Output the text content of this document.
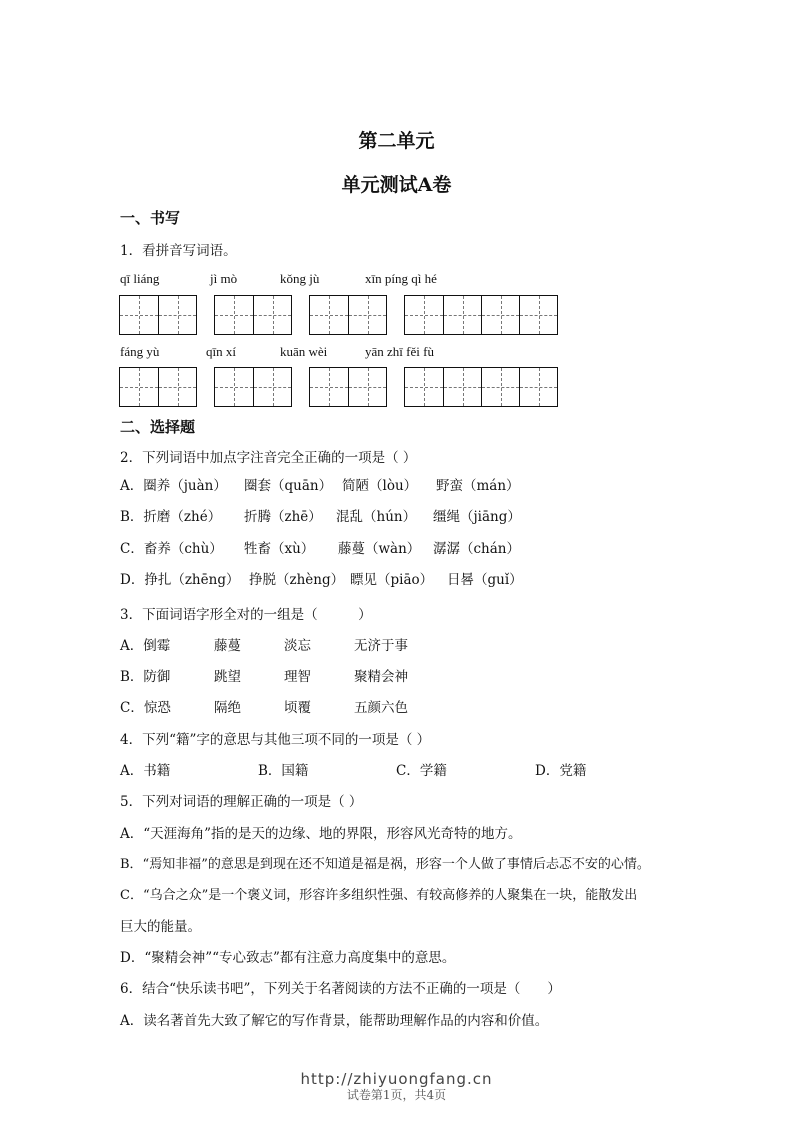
第二单元
单元测试A卷
一、书写
1．看拼音写词语。
qī liáng	jì mò	kǒng jù	xīn píng qì hé
fáng yù	qīn xí	kuān wèi	yān zhī fěi fù
二、选择题
2．下列词语中加点字注音完全正确的一项是（ ）
A．圈养（juàn） 圈套（quān） 简陋（lòu） 野蛮（mán）
B．折磨（zhé） 折腾（zhē） 混乱（hún） 缰绳（jiāng）
C．畜养（chù） 牲畜（xù） 藤蔓（wàn） 潺潺（chán）
D．挣扎（zhēng） 挣脱（zhèng） 瞟见（piāo） 日晷（guǐ）
3．下面词语字形全对的一组是（　　　）
A．倒霉	藤蔓	淡忘	无济于事
B．防御	跳望	理智	聚精会神
C．惊恐	隔绝	顷覆	五颜六色
4．下列“籍”字的意思与其他三项不同的一项是（ ）
A．书籍	B．国籍	C．学籍	D．党籍
5．下列对词语的理解正确的一项是（ ）
A．“天涯海角”指的是天的边缘、地的界限，形容风光奇特的地方。
B．“焉知非福”的意思是到现在还不知道是福是祸，形容一个人做了事情后忐忑不安的心情。
C．“乌合之众”是一个褒义词，形容许多组织性强、有较高修养的人聚集在一块，能散发出
巨大的能量。
D．“聚精会神”“专心致志”都有注意力高度集中的意思。
6．结合“快乐读书吧”，下列关于名著阅读的方法不正确的一项是（　　）
A．读名著首先大致了解它的写作背景，能帮助理解作品的内容和价值。
http://zhiyuongfang.cn
试卷第1页，共4页
